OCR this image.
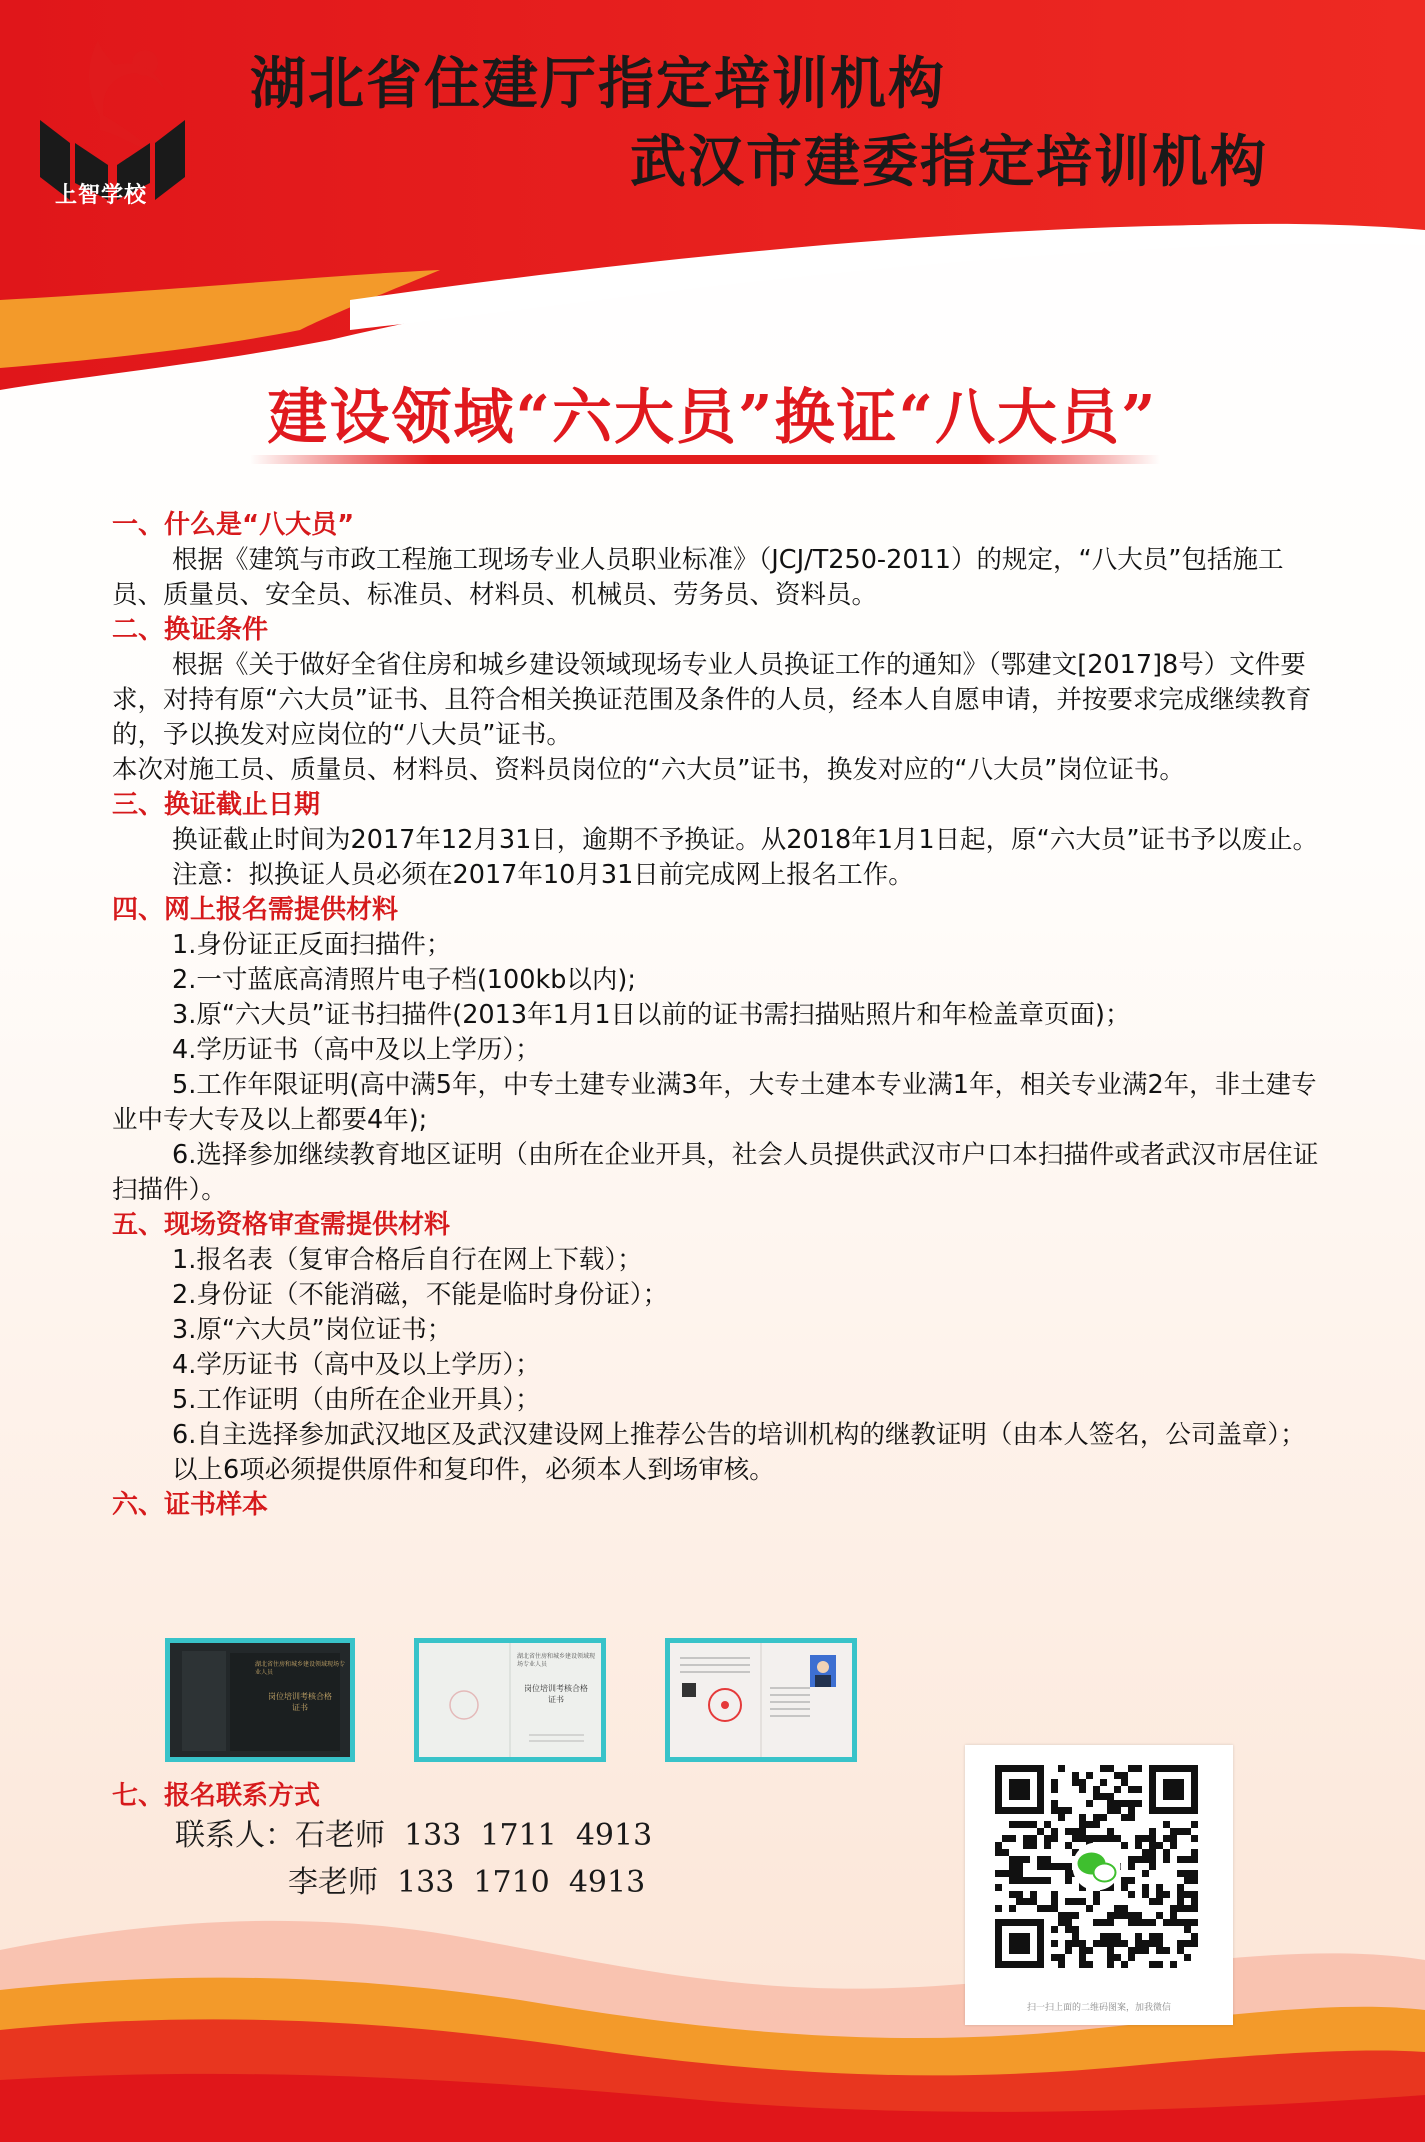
上智学校
湖北省住建厅指定培训机构
武汉市建委指定培训机构
建设领域“六大员”换证“八大员”
一、什么是“八大员”

根据《建筑与市政工程施工现场专业人员职业标准》（JCJ/T250-2011）的规定，“八大员”包括施工员、质量员、安全员、标准员、材料员、机械员、劳务员、资料员。

二、换证条件

根据《关于做好全省住房和城乡建设领域现场专业人员换证工作的通知》（鄂建文[2017]8号）文件要求，对持有原“六大员”证书、且符合相关换证范围及条件的人员，经本人自愿申请，并按要求完成继续教育的，予以换发对应岗位的“八大员”证书。

本次对施工员、质量员、材料员、资料员岗位的“六大员”证书，换发对应的“八大员”岗位证书。

三、换证截止日期

换证截止时间为2017年12月31日，逾期不予换证。从2018年1月1日起，原“六大员”证书予以废止。

注意：拟换证人员必须在2017年10月31日前完成网上报名工作。

四、网上报名需提供材料

1.身份证正反面扫描件；

2.一寸蓝底高清照片电子档(100kb以内);

3.原“六大员”证书扫描件(2013年1月1日以前的证书需扫描贴照片和年检盖章页面)；

4.学历证书（高中及以上学历）；

5.工作年限证明(高中满5年，中专土建专业满3年，大专土建本专业满1年，相关专业满2年，非土建专业中专大专及以上都要4年);

6.选择参加继续教育地区证明（由所在企业开具，社会人员提供武汉市户口本扫描件或者武汉市居住证扫描件）。

五、现场资格审查需提供材料

1.报名表（复审合格后自行在网上下载）；

2.身份证（不能消磁，不能是临时身份证）；

3.原“六大员”岗位证书；

4.学历证书（高中及以上学历）；

5.工作证明（由所在企业开具）；

6.自主选择参加武汉地区及武汉建设网上推荐公告的培训机构的继教证明（由本人签名，公司盖章）；

以上6项必须提供原件和复印件，必须本人到场审核。

六、证书样本
湖北省住房和城乡建设领域现场专业人员
岗位培训考核合格证书
湖北省住房和城乡建设领域现场专业人员
岗位培训考核合格证书
七、报名联系方式
联系人：石老师  133  1711  4913
李老师  133  1710  4913
扫一扫上面的二维码图案，加我微信
